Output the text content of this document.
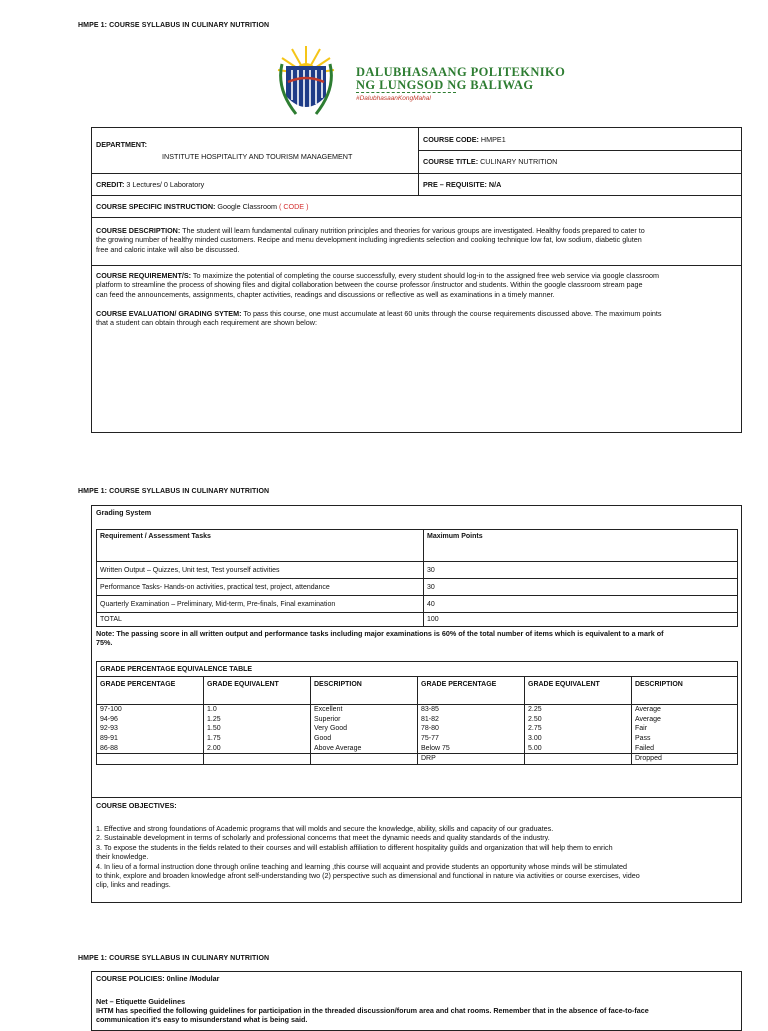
HMPE 1: COURSE SYLLABUS IN CULINARY NUTRITION
DALUBHASAANG POLITEKNIKO
NG LUNGSOD NG BALIWAG
#DalubhasaanKongMahal
DEPARTMENT:
INSTITUTE HOSPITALITY AND TOURISM MANAGEMENT
COURSE CODE: HMPE1
COURSE TITLE: CULINARY NUTRITION
CREDIT: 3 Lectures/ 0 Laboratory	PRE – REQUISITE: N/A
COURSE SPECIFIC INSTRUCTION: Google Classroom ( CODE )
COURSE DESCRIPTION: The student will learn fundamental culinary nutrition principles and theories for various groups are investigated. Healthy foods prepared to cater to
the growing number of healthy minded customers. Recipe and menu development including ingredients selection and cooking technique low fat, low sodium, diabetic gluten
free and caloric intake will also be discussed.
COURSE REQUIREMENT/S: To maximize the potential of completing the course successfully, every student should log-in to the assigned free web service via google classroom
platform to streamline the process of showing files and digital collaboration between the course professor /instructor and students. Within the google classroom stream page
can feed the announcements, assignments, chapter activities, readings and discussions or reflective as well as examinations in a timely manner.
COURSE EVALUATION/ GRADING SYTEM: To pass this course, one must accumulate at least 60 units through the course requirements discussed above. The maximum points
that a student can obtain through each requirement are shown below:
HMPE 1: COURSE SYLLABUS IN CULINARY NUTRITION
Grading System
Requirement / Assessment Tasks	Maximum Points
Written Output – Quizzes, Unit test, Test yourself activities	30
Performance Tasks- Hands-on activities, practical test, project, attendance	30
Quarterly Examination – Preliminary, Mid-term, Pre-finals, Final examination	40
TOTAL	100
Note: The passing score in all written output and performance tasks including major examinations is 60% of the total number of items which is equivalent to a mark of
75%.
GRADE PERCENTAGE EQUIVALENCE TABLE					
GRADE PERCENTAGE	GRADE EQUIVALENT	DESCRIPTION	GRADE PERCENTAGE	GRADE EQUIVALENT	DESCRIPTION
97-100	1.0	Excellent	83-85	2.25	Average
94-96	1.25	Superior	81-82	2.50	Average
92-93	1.50	Very Good	78-80	2.75	Fair
89-91	1.75	Good	75-77	3.00	Pass
86-88	2.00	Above Average	Below 75	5.00	Failed
			DRP		Dropped
COURSE OBJECTIVES:
1. Effective and strong foundations of Academic programs that will molds and secure the knowledge, ability, skills and capacity of our graduates.
2. Sustainable development in terms of scholarly and professional concerns that meet the dynamic needs and quality standards of the industry.
3. To expose the students in the fields related to their courses and will establish affiliation to different hospitality guilds and organization that will help them to enrich
their knowledge.
4. In lieu of a formal instruction done through online teaching and learning ,this course will acquaint and provide students an opportunity whose minds will be stimulated
to think, explore and broaden knowledge afront self-understanding two (2) perspective such as dimensional and functional in nature via activities or course exercises, video
clip, links and readings.
HMPE 1: COURSE SYLLABUS IN CULINARY NUTRITION
COURSE POLICIES: 0nline /Modular
Net – Etiquette Guidelines
IHTM has specified the following guidelines for participation in the threaded discussion/forum area and chat rooms. Remember that in the absence of face-to-face
communication it's easy to misunderstand what is being said.
